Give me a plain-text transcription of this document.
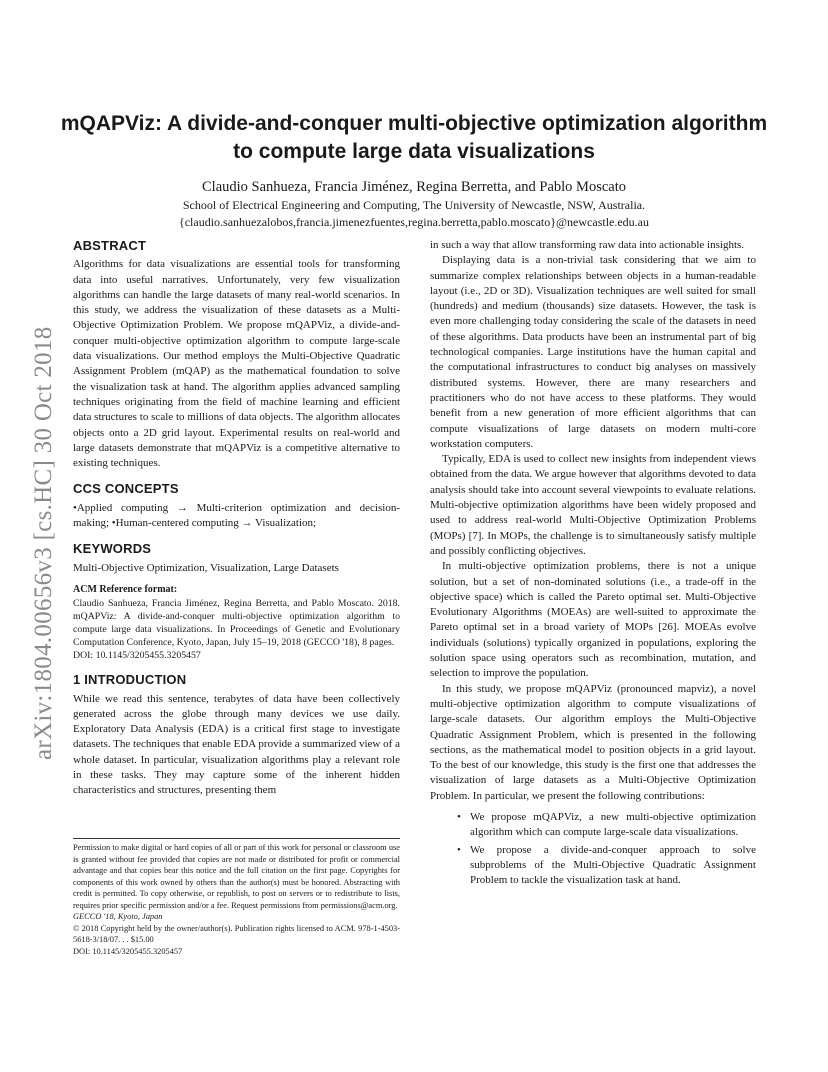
arXiv:1804.00656v3 [cs.HC] 30 Oct 2018
mQAPViz: A divide-and-conquer multi-objective optimization algorithm to compute large data visualizations
Claudio Sanhueza, Francia Jiménez, Regina Berretta, and Pablo Moscato
School of Electrical Engineering and Computing, The University of Newcastle, NSW, Australia.
{claudio.sanhuezalobos,francia.jimenezfuentes,regina.berretta,pablo.moscato}@newcastle.edu.au
ABSTRACT

Algorithms for data visualizations are essential tools for transforming data into useful narratives. Unfortunately, very few visualization algorithms can handle the large datasets of many real-world scenarios. In this study, we address the visualization of these datasets as a Multi-Objective Optimization Problem. We propose mQAPViz, a divide-and-conquer multi-objective optimization algorithm to compute large-scale data visualizations. Our method employs the Multi-Objective Quadratic Assignment Problem (mQAP) as the mathematical foundation to solve the visualization task at hand. The algorithm applies advanced sampling techniques originating from the field of machine learning and efficient data structures to scale to millions of data objects. The algorithm allocates objects onto a 2D grid layout. Experimental results on real-world and large datasets demonstrate that mQAPViz is a competitive alternative to existing techniques.

CCS CONCEPTS

•Applied computing → Multi-criterion optimization and decision-making; •Human-centered computing → Visualization;

KEYWORDS

Multi-Objective Optimization, Visualization, Large Datasets

ACM Reference format:

Claudio Sanhueza, Francia Jiménez, Regina Berretta, and Pablo Moscato. 2018. mQAPViz: A divide-and-conquer multi-objective optimization algorithm to compute large data visualizations. In Proceedings of Genetic and Evolutionary Computation Conference, Kyoto, Japan, July 15–19, 2018 (GECCO '18), 8 pages.

DOI: 10.1145/3205455.3205457

1 INTRODUCTION

While we read this sentence, terabytes of data have been collectively generated across the globe through many devices we use daily. Exploratory Data Analysis (EDA) is a critical first stage to investigate datasets. The techniques that enable EDA provide a summarized view of a whole dataset. In particular, visualization algorithms play a relevant role in these tasks. They may capture some of the inherent hidden characteristics and structures, presenting them

Permission to make digital or hard copies of all or part of this work for personal or classroom use is granted without fee provided that copies are not made or distributed for profit or commercial advantage and that copies bear this notice and the full citation on the first page. Copyrights for components of this work owned by others than the author(s) must be honored. Abstracting with credit is permitted. To copy otherwise, or republish, to post on servers or to redistribute to lists, requires prior specific permission and/or a fee. Request permissions from permissions@acm.org.
GECCO '18, Kyoto, Japan
© 2018 Copyright held by the owner/author(s). Publication rights licensed to ACM. 978-1-4503-5618-3/18/07. . . $15.00
DOI: 10.1145/3205455.3205457

in such a way that allow transforming raw data into actionable insights.

Displaying data is a non-trivial task considering that we aim to summarize complex relationships between objects in a human-readable layout (i.e., 2D or 3D). Visualization techniques are well suited for small (hundreds) and medium (thousands) size datasets. However, the task is even more challenging today considering the scale of the datasets in need of these algorithms. Data products have been an instrumental part of big technological companies. Large institutions have the human capital and the computational infrastructures to conduct big analyses on massively distributed systems. However, there are many researchers and practitioners who do not have access to these platforms. They would benefit from a new generation of more efficient algorithms that can compute visualizations of large datasets on modern multi-core workstation computers.

Typically, EDA is used to collect new insights from independent views obtained from the data. We argue however that algorithms devoted to data analysis should take into account several viewpoints to evaluate relations. Multi-objective optimization algorithms have been widely proposed and used to address real-world Multi-Objective Optimization Problems (MOPs) [7]. In MOPs, the challenge is to simultaneously satisfy multiple and possibly conflicting objectives.

In multi-objective optimization problems, there is not a unique solution, but a set of non-dominated solutions (i.e., a trade-off in the objective space) which is called the Pareto optimal set. Multi-Objective Evolutionary Algorithms (MOEAs) are well-suited to approximate the Pareto optimal set in a broad variety of MOPs [26]. MOEAs evolve individuals (solutions) typically organized in populations, exploring the solution space using operators such as recombination, mutation, and selection to improve the population.

In this study, we propose mQAPViz (pronounced mapviz), a novel multi-objective optimization algorithm to compute visualizations of large-scale datasets. Our algorithm employs the Multi-Objective Quadratic Assignment Problem, which is presented in the following sections, as the mathematical model to position objects in a grid layout. To the best of our knowledge, this study is the first one that addresses the visualization of large datasets as a Multi-Objective Optimization Problem. In particular, we present the following contributions:

• We propose mQAPViz, a new multi-objective optimization algorithm which can compute large-scale data visualizations.
• We propose a divide-and-conquer approach to solve subproblems of the Multi-Objective Quadratic Assignment Problem to tackle the visualization task at hand.
